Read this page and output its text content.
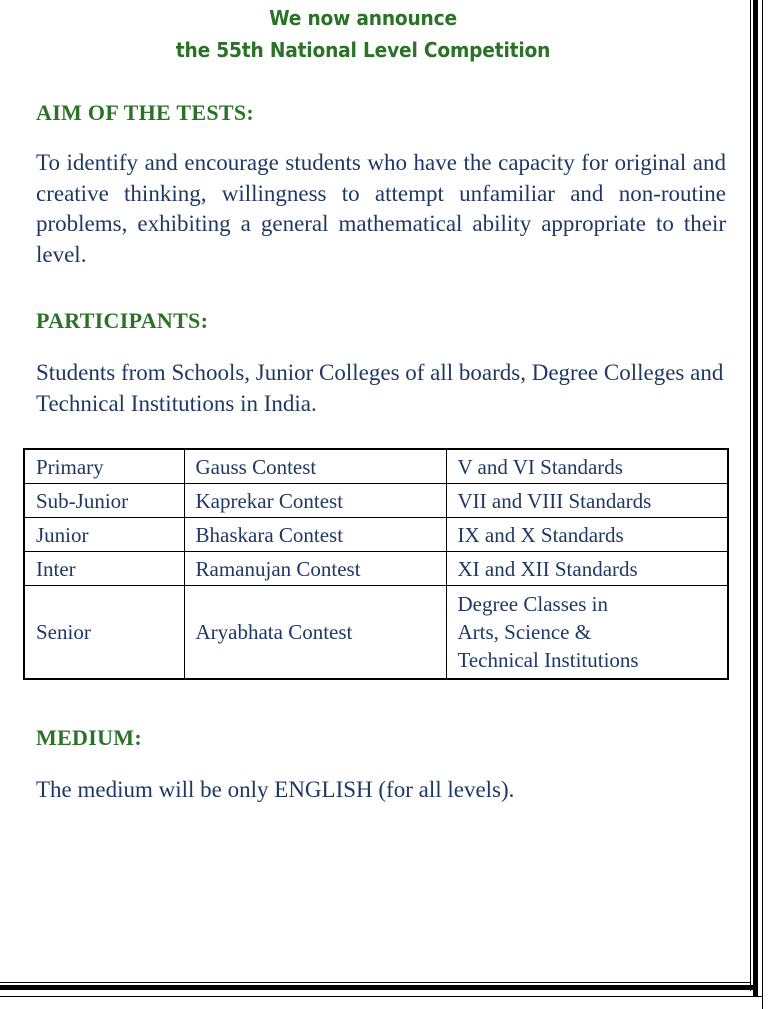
We now announce
the 55th National Level Competition
AIM OF THE TESTS:

To identify and encourage students who have the capacity for original and creative thinking, willingness to attempt unfamiliar and non-routine problems, exhibiting a general mathematical ability appropriate to their level.

PARTICIPANTS:

Students from Schools, Junior Colleges of all boards, Degree Colleges and Technical Institutions in India.

Primary	Gauss Contest	V and VI Standards
Sub-Junior	Kaprekar Contest	VII and VIII Standards
Junior	Bhaskara Contest	IX and X Standards
Inter	Ramanujan Contest	XI and XII Standards
Senior	Aryabhata Contest	Degree Classes in
Arts, Science &
Technical Institutions
MEDIUM:

The medium will be only ENGLISH (for all levels).
